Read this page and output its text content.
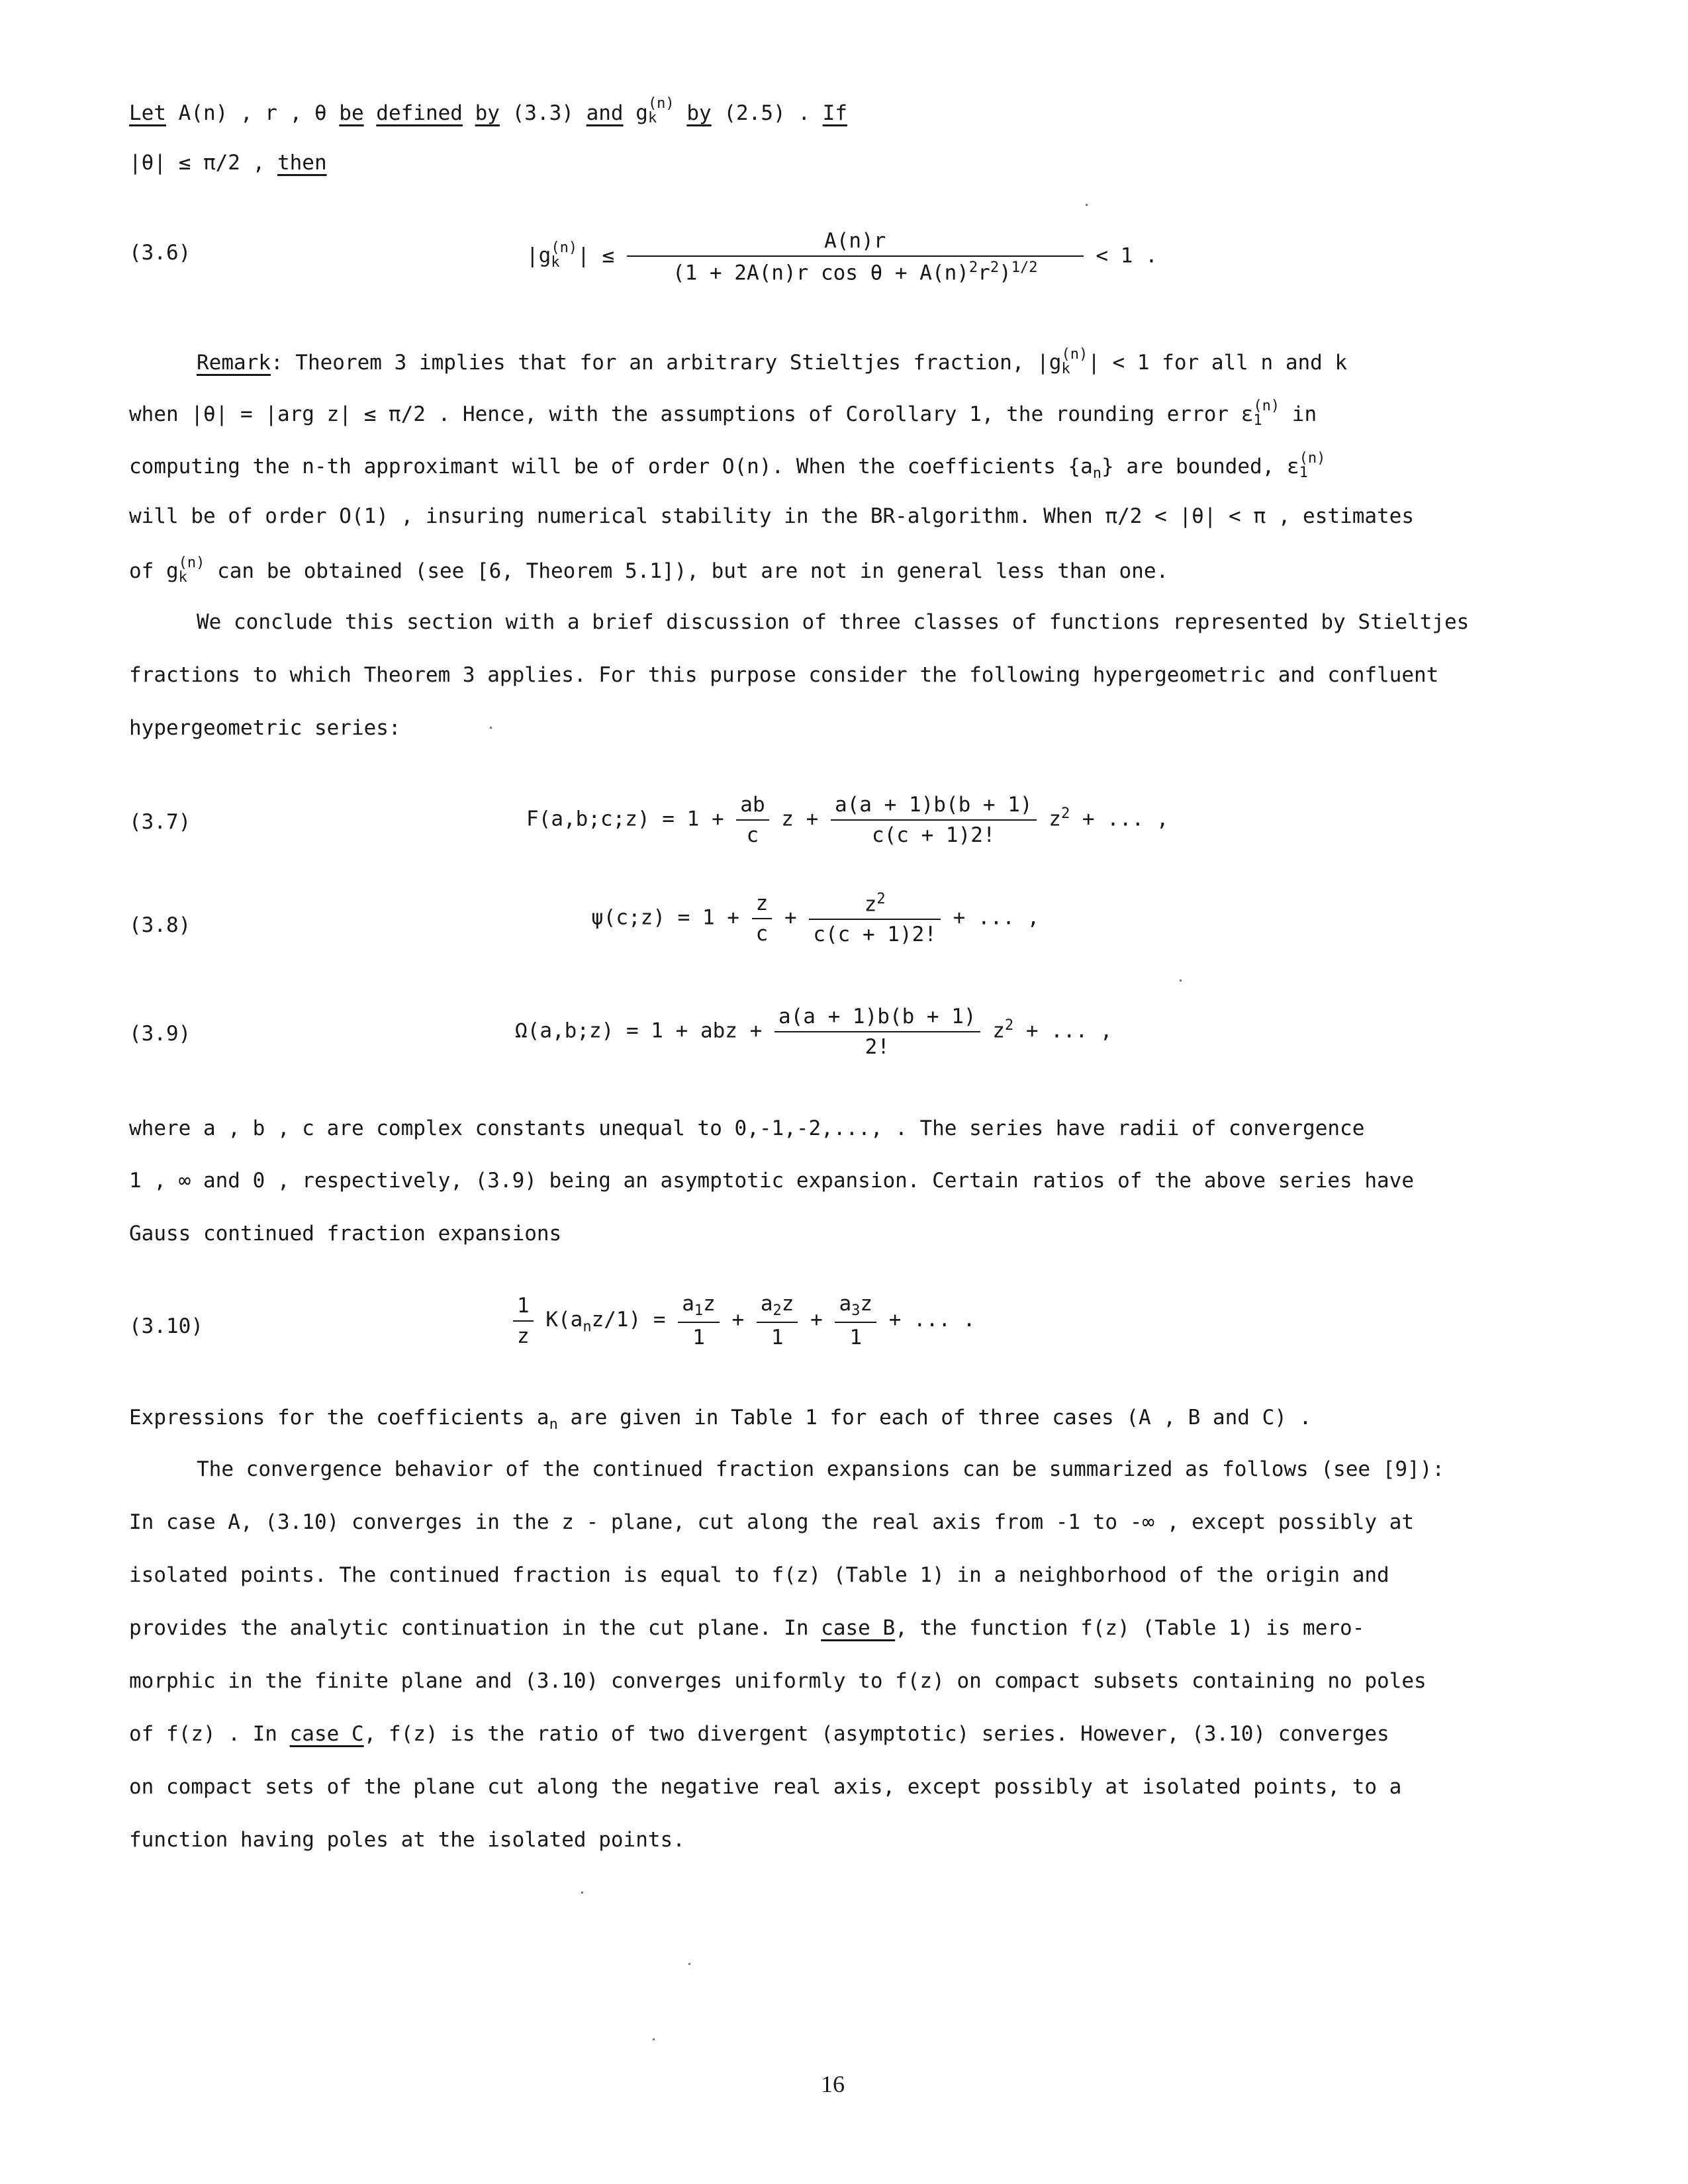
Let A(n) , r , θ be defined by (3.3) and g (n)
k	by (2.5) . If
|θ| ≤ π/2 , then
(3.6)	|g (n)
k | ≤ $\frac{A(n)r}{(1 + 2A(n)r \cos \theta + A(n)^2r^2)^{1/2}} < 1$ .
Remark: Theorem 3 implies that for an arbitrary Stieltjes fraction, |g (n)
k | < 1 for all n and k
when |θ| = |arg z| ≤ π/2 . Hence, with the assumptions of Corollary 1, the rounding error ε (n)
1 in
computing the n-th approximant will be of order O(n). When the coefficients $\{a_n\}$ are bounded, ε (n)
1
will be of order O(1) , insuring numerical stability in the BR-algorithm. When π/2 < |θ| < π , estimates
of g (n)
k can be obtained (see [6, Theorem 5.1]), but are not in general less than one.
We conclude this section with a brief discussion of three classes of functions represented by Stieltjes
fractions to which Theorem 3 applies. For this purpose consider the following hypergeometric and confluent
hypergeometric series:
(3.7)	F(a,b;c;z) = $1 + \frac{ab}{c}$ $z + \frac{a(a + 1)b(b + 1)}{c(c + 1)2!} z^2$ + ... ,
(3.8)	ψ(c;z) = $1 + \frac{z}{c} + \frac{z^2}{c(c + 1)2!}$ + ... ,
(3.9)	Ω(a,b;z) = 1 + abz + $\frac{a(a + 1)b(b + 1)}{2!} z^2$ + ... ,
where a , b , c are complex constants unequal to 0,-1,-2,..., . The series have radii of convergence
1 , ∞ and 0 , respectively, (3.9) being an asymptotic expansion. Certain ratios of the above series have
Gauss continued fraction expansions
(3.10)	$\frac{1}{z} K(a_nz/1) = \frac{a_1z}{1} + \frac{a_2z}{1} + \frac{a_3z}{1}$ + ... .
Expressions for the coefficients $a_n$ are given in Table 1 for each of three cases (A , B and C) .
The convergence behavior of the continued fraction expansions can be summarized as follows (see [9]):
In case A, (3.10) converges in the z - plane, cut along the real axis from -1 to -∞ , except possibly at
isolated points. The continued fraction is equal to f(z) (Table 1) in a neighborhood of the origin and
provides the analytic continuation in the cut plane. In case B, the function f(z) (Table 1) is mero-
morphic in the finite plane and (3.10) converges uniformly to f(z) on compact subsets containing no poles
of f(z) . In case C, f(z) is the ratio of two divergent (asymptotic) series. However, (3.10) converges
on compact sets of the plane cut along the negative real axis, except possibly at isolated points, to a
function having poles at the isolated points.
16
